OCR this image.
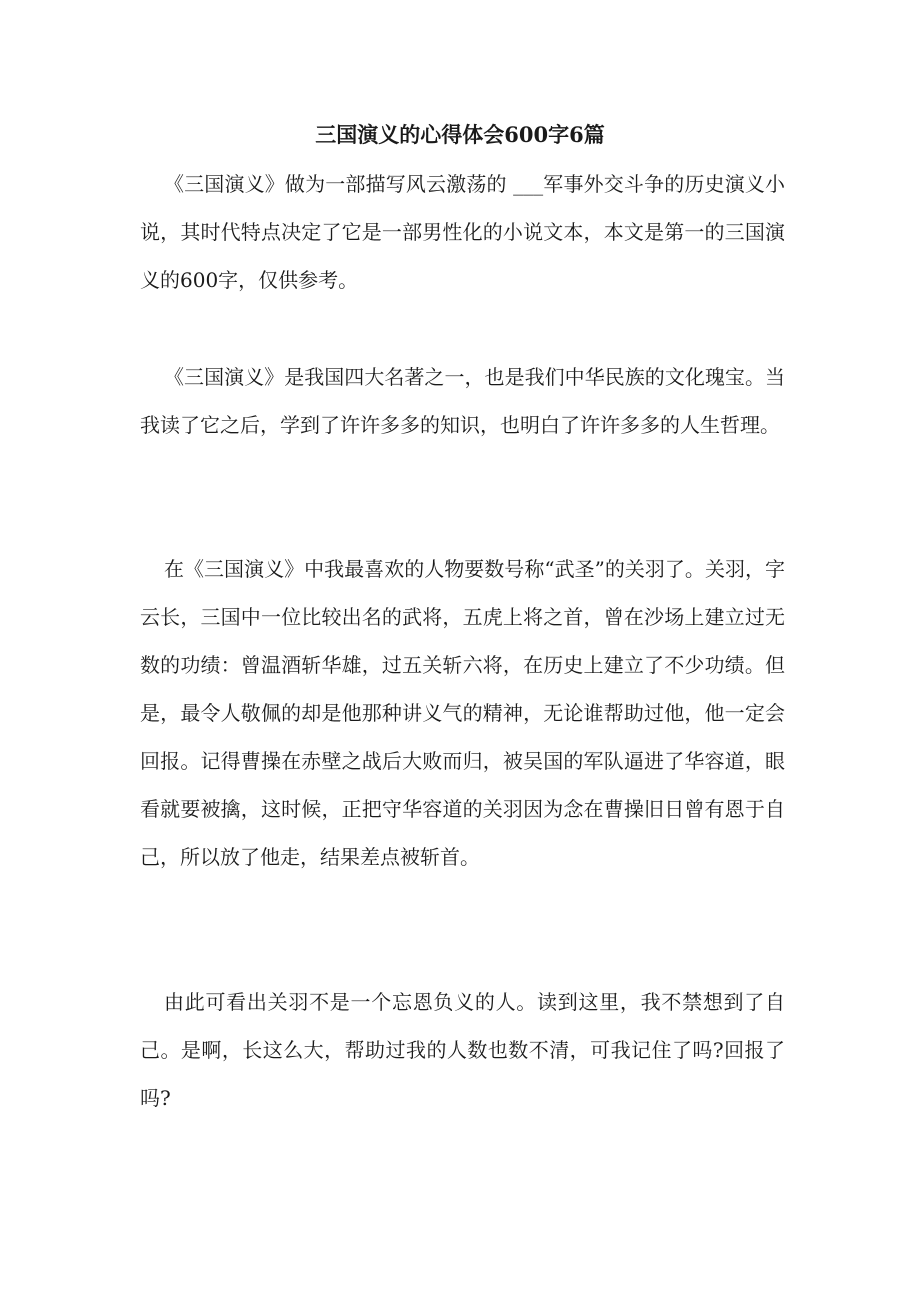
三国演义的心得体会600字6篇

《三国演义》做为一部描写风云激荡的 ___军事外交斗争的历史演义小说，其时代特点决定了它是一部男性化的小说文本，本文是第一的三国演义的600字，仅供参考。

《三国演义》是我国四大名著之一，也是我们中华民族的文化瑰宝。当我读了它之后，学到了许许多多的知识，也明白了许许多多的人生哲理。

在《三国演义》中我最喜欢的人物要数号称“武圣”的关羽了。关羽，字云长，三国中一位比较出名的武将，五虎上将之首，曾在沙场上建立过无数的功绩：曾温酒斩华雄，过五关斩六将，在历史上建立了不少功绩。但是，最令人敬佩的却是他那种讲义气的精神，无论谁帮助过他，他一定会回报。记得曹操在赤壁之战后大败而归，被吴国的军队逼进了华容道，眼看就要被擒，这时候，正把守华容道的关羽因为念在曹操旧日曾有恩于自己，所以放了他走，结果差点被斩首。

由此可看出关羽不是一个忘恩负义的人。读到这里，我不禁想到了自己。是啊，长这么大，帮助过我的人数也数不清，可我记住了吗?回报了吗?
